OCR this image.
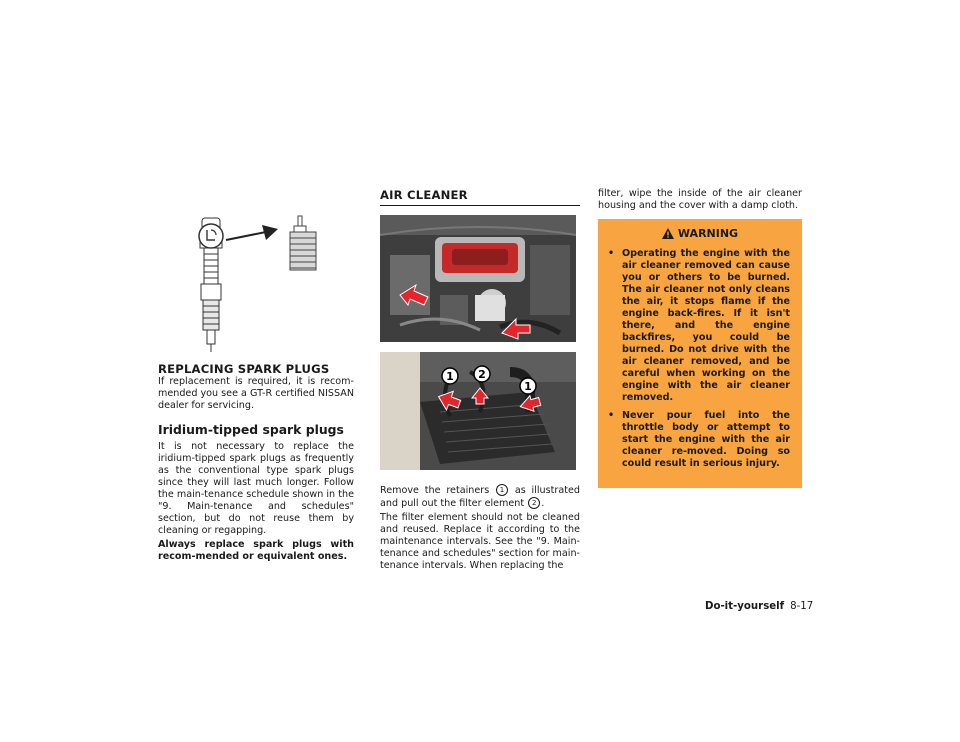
REPLACING SPARK PLUGS

If replacement is required, it is recom-mended you see a GT-R certified NISSAN dealer for servicing.

Iridium-tipped spark plugs

It is not necessary to replace the iridium-tipped spark plugs as frequently as the conventional type spark plugs since they will last much longer. Follow the main-tenance schedule shown in the "9. Main-tenance and schedules" section, but do not reuse them by cleaning or regapping.

Always replace spark plugs with recom-mended or equivalent ones.

AIR CLEANER
1 2
1

Remove the retainers 1 as illustrated and pull out the filter element 2 .

The filter element should not be cleaned and reused. Replace it according to the maintenance intervals. See the "9. Main-tenance and schedules" section for main-tenance intervals. When replacing the

filter, wipe the inside of the air cleaner housing and the cover with a damp cloth.

WARNING
• Operating the engine with the air cleaner removed can cause you or others to be burned. The air cleaner not only cleans the air, it stops flame if the engine back-fires. If it isn't there, and the engine backfires, you could be burned. Do not drive with the air cleaner removed, and be careful when working on the engine with the air cleaner removed.
• Never pour fuel into the throttle body or attempt to start the engine with the air cleaner re-moved. Doing so could result in serious injury.
Do-it-yourself 8-17
